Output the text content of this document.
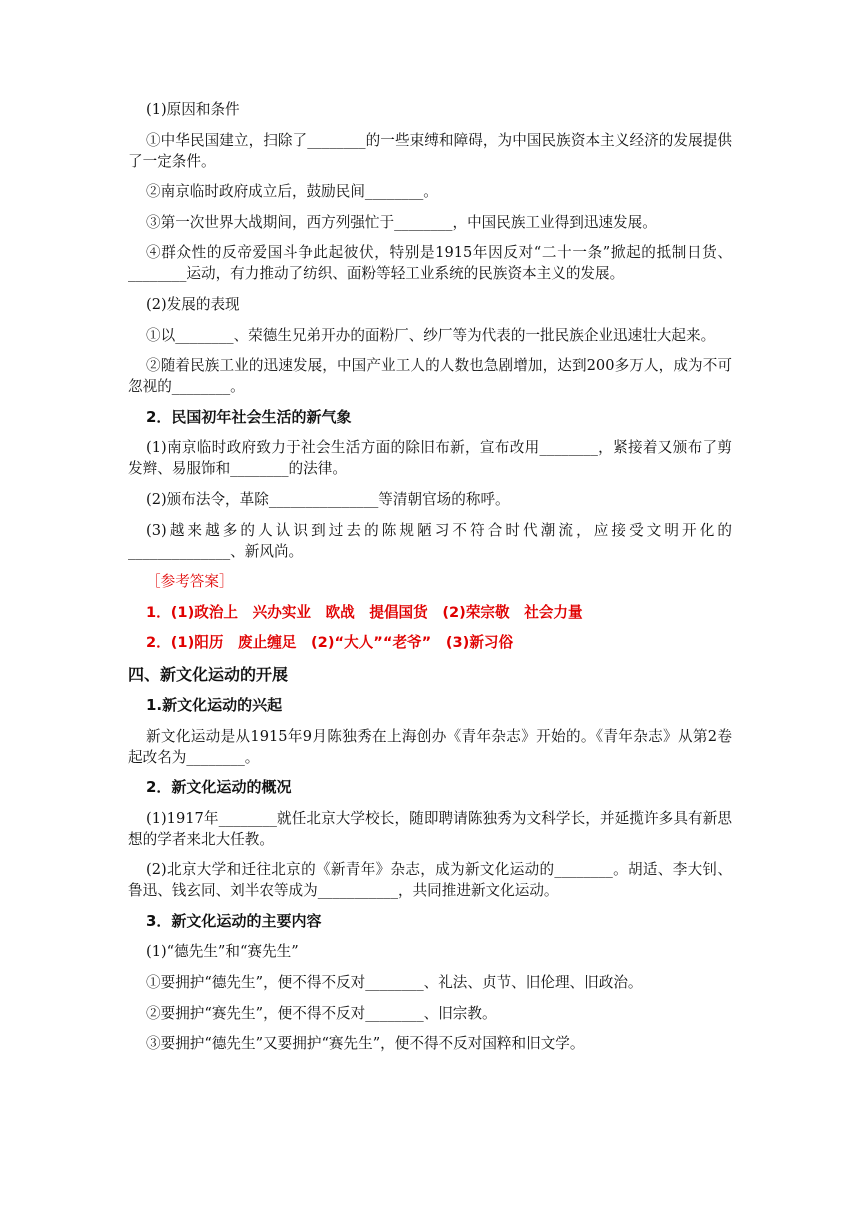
(1)原因和条件

①中华民国建立，扫除了________的一些束缚和障碍，为中国民族资本主义经济的发展提供了一定条件。

②南京临时政府成立后，鼓励民间________。

③第一次世界大战期间，西方列强忙于________，中国民族工业得到迅速发展。

④群众性的反帝爱国斗争此起彼伏，特别是1915年因反对“二十一条”掀起的抵制日货、________运动，有力推动了纺织、面粉等轻工业系统的民族资本主义的发展。

(2)发展的表现

①以________、荣德生兄弟开办的面粉厂、纱厂等为代表的一批民族企业迅速壮大起来。

②随着民族工业的迅速发展，中国产业工人的人数也急剧增加，达到200多万人，成为不可忽视的________。

2．民国初年社会生活的新气象

(1)南京临时政府致力于社会生活方面的除旧布新，宣布改用________，紧接着又颁布了剪发辫、易服饰和________的法律。

(2)颁布法令，革除_______________等清朝官场的称呼。

(3)越来越多的人认识到过去的陈规陋习不符合时代潮流，应接受文明开化的______________、新风尚。

［参考答案］

1．(1)政治上　兴办实业　欧战　提倡国货　(2)荣宗敬　社会力量

2．(1)阳历　废止缠足　(2)“大人”“老爷”　(3)新习俗

四、新文化运动的开展

1.新文化运动的兴起

新文化运动是从1915年9月陈独秀在上海创办《青年杂志》开始的。《青年杂志》从第2卷起改名为________。

2．新文化运动的概况

(1)1917年________就任北京大学校长，随即聘请陈独秀为文科学长，并延揽许多具有新思想的学者来北大任教。

(2)北京大学和迁往北京的《新青年》杂志，成为新文化运动的________。胡适、李大钊、鲁迅、钱玄同、刘半农等成为___________，共同推进新文化运动。

3．新文化运动的主要内容

(1)“德先生”和“赛先生”

①要拥护“德先生”，便不得不反对________、礼法、贞节、旧伦理、旧政治。

②要拥护“赛先生”，便不得不反对________、旧宗教。

③要拥护“德先生”又要拥护“赛先生”，便不得不反对国粹和旧文学。
